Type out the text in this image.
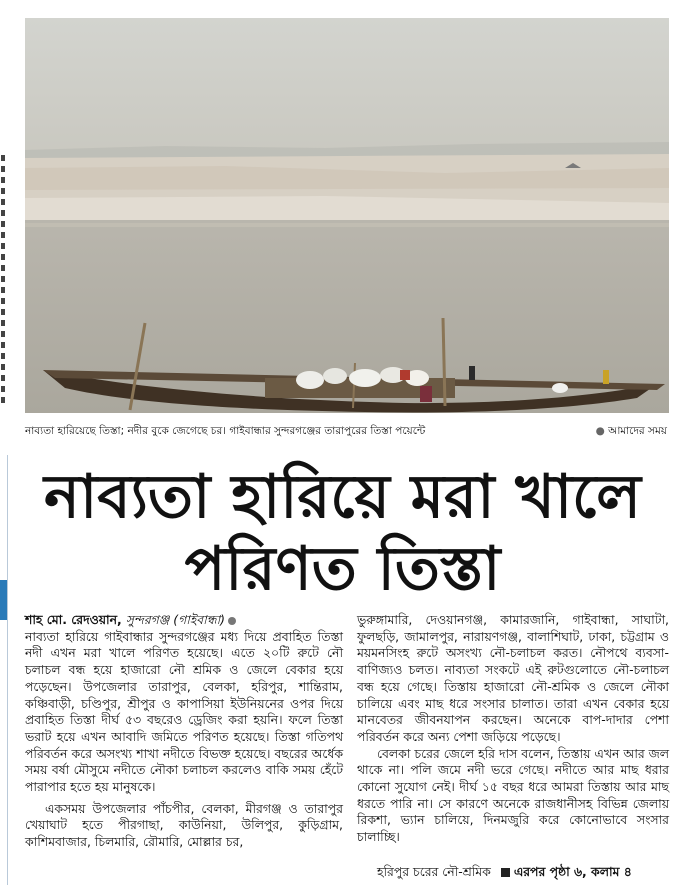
নাব্যতা হারিয়েছে তিস্তা; নদীর বুকে জেগেছে চর। গাইবান্ধার সুন্দরগঞ্জের তারাপুরের তিস্তা পয়েন্টে	● আমাদের সময়
নাব্যতা হারিয়ে মরা খালে
পরিণত তিস্তা

শাহ মো. রেদওয়ান, সুন্দরগঞ্জ (গাইবান্ধা)

নাব্যতা হারিয়ে গাইবান্ধার সুন্দরগঞ্জের মধ্য দিয়ে প্রবাহিত তিস্তা নদী এখন মরা খালে পরিণত হয়েছে। এতে ২০টি রুটে নৌ চলাচল বন্ধ হয়ে হাজারো নৌ শ্রমিক ও জেলে বেকার হয়ে পড়েছেন। উপজেলার তারাপুর, বেলকা, হরিপুর, শান্তিরাম, কঞ্চিবাড়ী, চণ্ডিপুর, শ্রীপুর ও কাপাসিয়া ইউনিয়নের ওপর দিয়ে প্রবাহিত তিস্তা দীর্ঘ ৫৩ বছরেও ড্রেজিং করা হয়নি। ফলে তিস্তা ভরাট হয়ে এখন আবাদি জমিতে পরিণত হয়েছে। তিস্তা গতিপথ পরিবর্তন করে অসংখ্য শাখা নদীতে বিভক্ত হয়েছে। বছরের অর্ধেক সময় বর্ষা মৌসুমে নদীতে নৌকা চলাচল করলেও বাকি সময় হেঁটে পারাপার হতে হয় মানুষকে।

একসময় উপজেলার পাঁচপীর, বেলকা, মীরগঞ্জ ও তারাপুর খেয়াঘাট হতে পীরগাছা, কাউনিয়া, উলিপুর, কুড়িগ্রাম, কাশিমবাজার, চিলমারি, রৌমারি, মোল্লার চর,

ভুরুঙ্গামারি, দেওয়ানগঞ্জ, কামারজানি, গাইবান্ধা, সাঘাটা, ফুলছড়ি, জামালপুর, নারায়ণগঞ্জ, বালাশিঘাট, ঢাকা, চট্টগ্রাম ও ময়মনসিংহ রুটে অসংখ্য নৌ-চলাচল করত। নৌপথে ব্যবসা-বাণিজ্যও চলত। নাব্যতা সংকটে এই রুটগুলোতে নৌ-চলাচল বন্ধ হয়ে গেছে। তিস্তায় হাজারো নৌ-শ্রমিক ও জেলে নৌকা চালিয়ে এবং মাছ ধরে সংসার চালাত। তারা এখন বেকার হয়ে মানবেতর জীবনযাপন করছেন। অনেকে বাপ-দাদার পেশা পরিবর্তন করে অন্য পেশা জড়িয়ে পড়েছে।

বেলকা চরের জেলে হরি দাস বলেন, তিস্তায় এখন আর জল থাকে না। পলি জমে নদী ভরে গেছে। নদীতে আর মাছ ধরার কোনো সুযোগ নেই। দীর্ঘ ১৫ বছর ধরে আমরা তিস্তায় আর মাছ ধরতে পারি না। সে কারণে অনেকে রাজধানীসহ বিভিন্ন জেলায় রিকশা, ভ্যান চালিয়ে, দিনমজুরি করে কোনোভাবে সংসার চালাচ্ছি।

হরিপুর চরের নৌ-শ্রমিক এরপর পৃষ্ঠা ৬, কলাম ৪
